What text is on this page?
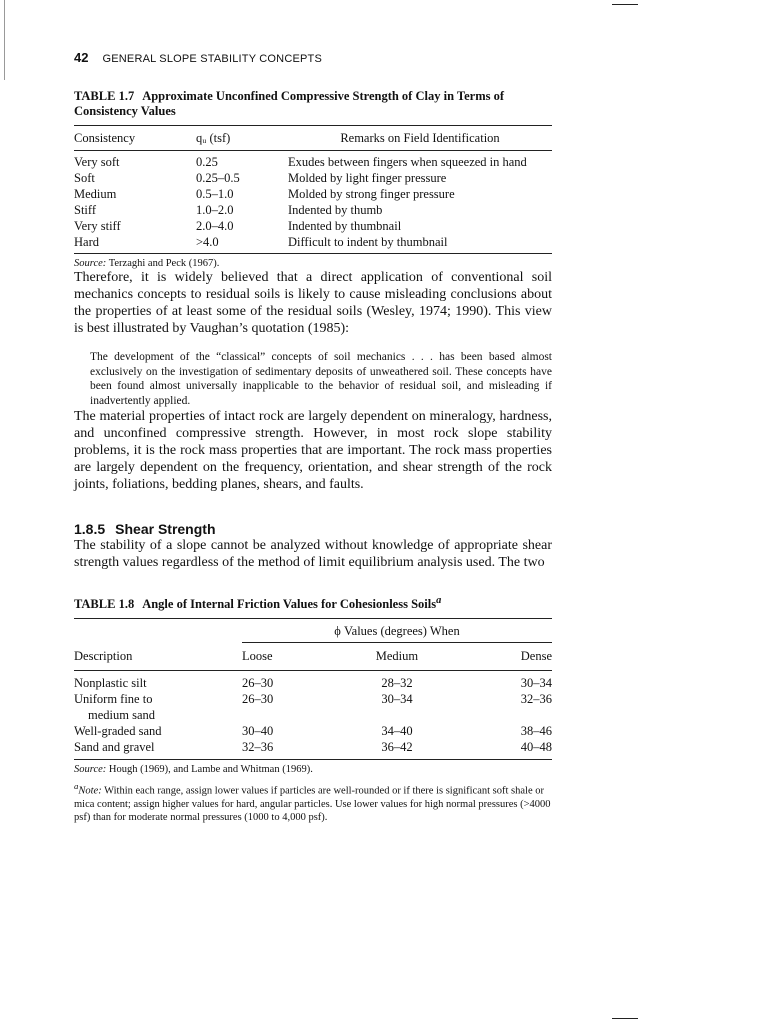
42 GENERAL SLOPE STABILITY CONCEPTS
TABLE 1.7 Approximate Unconfined Compressive Strength of Clay in Terms of Consistency Values
Consistency	qᵤ (tsf)	Remarks on Field Identification
Very soft	0.25	Exudes between fingers when squeezed in hand
Soft	0.25–0.5	Molded by light finger pressure
Medium	0.5–1.0	Molded by strong finger pressure
Stiff	1.0–2.0	Indented by thumb
Very stiff	2.0–4.0	Indented by thumbnail
Hard	>4.0	Difficult to indent by thumbnail
Source: Terzaghi and Peck (1967).

Therefore, it is widely believed that a direct application of conventional soil mechanics concepts to residual soils is likely to cause misleading conclusions about the properties of at least some of the residual soils (Wesley, 1974; 1990). This view is best illustrated by Vaughan’s quotation (1985):

The development of the “classical” concepts of soil mechanics . . . has been based almost exclusively on the investigation of sedimentary deposits of unweathered soil. These concepts have been found almost universally inapplicable to the behavior of residual soil, and misleading if inadvertently applied.

The material properties of intact rock are largely dependent on mineralogy, hardness, and unconfined compressive strength. However, in most rock slope stability problems, it is the rock mass properties that are important. The rock mass properties are largely dependent on the frequency, orientation, and shear strength of the rock joints, foliations, bedding planes, shears, and faults.

1.8.5 Shear Strength

The stability of a slope cannot be analyzed without knowledge of appropriate shear strength values regardless of the method of limit equilibrium analysis used. The two

TABLE 1.8 Angle of Internal Friction Values for Cohesionless Soils$^a$

	ϕ Values (degrees) When		

Description	Loose	Medium	Dense
Nonplastic silt	26–30	28–32	30–34
Uniform fine to	26–30	30–34	32–36
medium sand			
Well-graded sand	30–40	34–40	38–46
Sand and gravel	32–36	36–42	40–48
Source: Hough (1969), and Lambe and Whitman (1969).
$^a$Note: Within each range, assign lower values if particles are well-rounded or if there is significant soft shale or mica content; assign higher values for hard, angular particles. Use lower values for high normal pressures (>4000 psf) than for moderate normal pressures (1000 to 4,000 psf).
